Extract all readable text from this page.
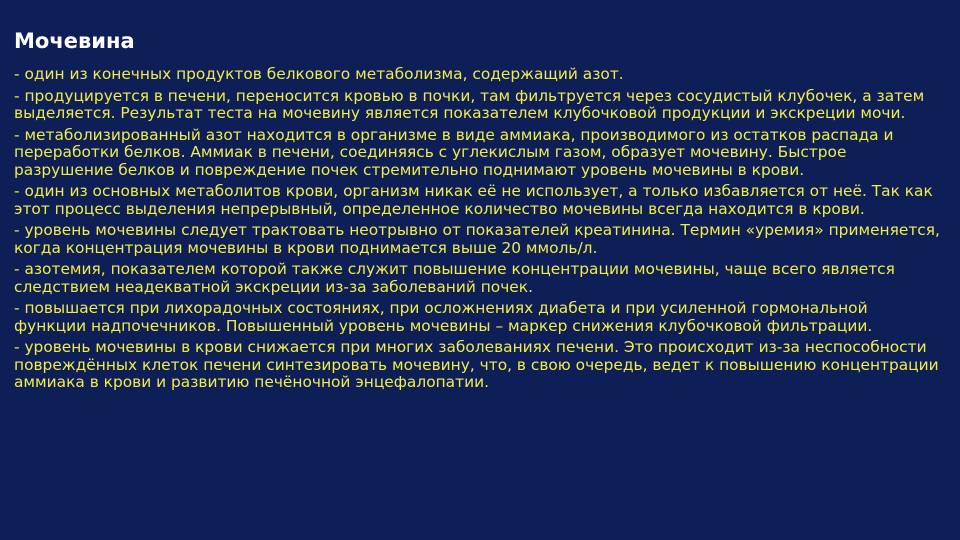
Мочевина
- один из конечных продуктов белкового метаболизма, содержащий азот.
- продуцируется в печени, переносится кровью в почки, там фильтруется через сосудистый клубочек, а затем выделяется. Результат теста на мочевину является показателем клубочковой продукции и экскреции мочи.
- метаболизированный азот находится в организме в виде аммиака, производимого из остатков распада и переработки белков. Аммиак в печени, соединяясь с углекислым газом, образует мочевину. Быстрое разрушение белков и повреждение почек стремительно поднимают уровень мочевины в крови.
- один из основных метаболитов крови, организм никак её не использует, а только избавляется от неё. Так как этот процесс выделения непрерывный, определенное количество мочевины всегда находится в крови.
- уровень мочевины следует трактовать неотрывно от показателей креатинина. Термин «уремия» применяется, когда концентрация мочевины в крови поднимается выше 20 ммоль/л.
- азотемия, показателем которой также служит повышение концентрации мочевины, чаще всего является следствием неадекватной экскреции из-за заболеваний почек.
- повышается при лихорадочных состояниях, при осложнениях диабета и при усиленной гормональной функции надпочечников. Повышенный уровень мочевины – маркер снижения клубочковой фильтрации.
- уровень мочевины в крови снижается при многих заболеваниях печени. Это происходит из-за неспособности повреждённых клеток печени синтезировать мочевину, что, в свою очередь, ведет к повышению концентрации аммиака в крови и развитию печёночной энцефалопатии.
